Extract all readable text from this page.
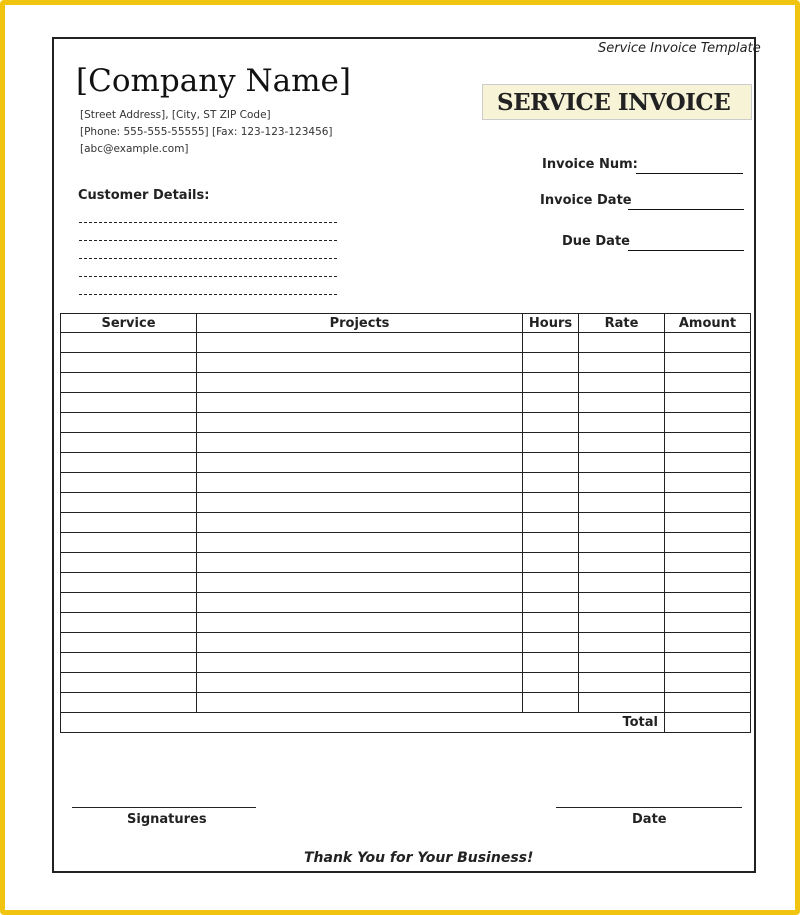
Service Invoice Template
[Company Name]
[Street Address], [City, ST ZIP Code]
[Phone: 555-555-55555] [Fax: 123-123-123456]
[abc@example.com]
SERVICE INVOICE
Invoice Num:
Invoice Date
Due Date
Customer Details:
Service	Projects	Hours	Rate	Amount

			Total	
Signatures	Date
Thank You for Your Business!
